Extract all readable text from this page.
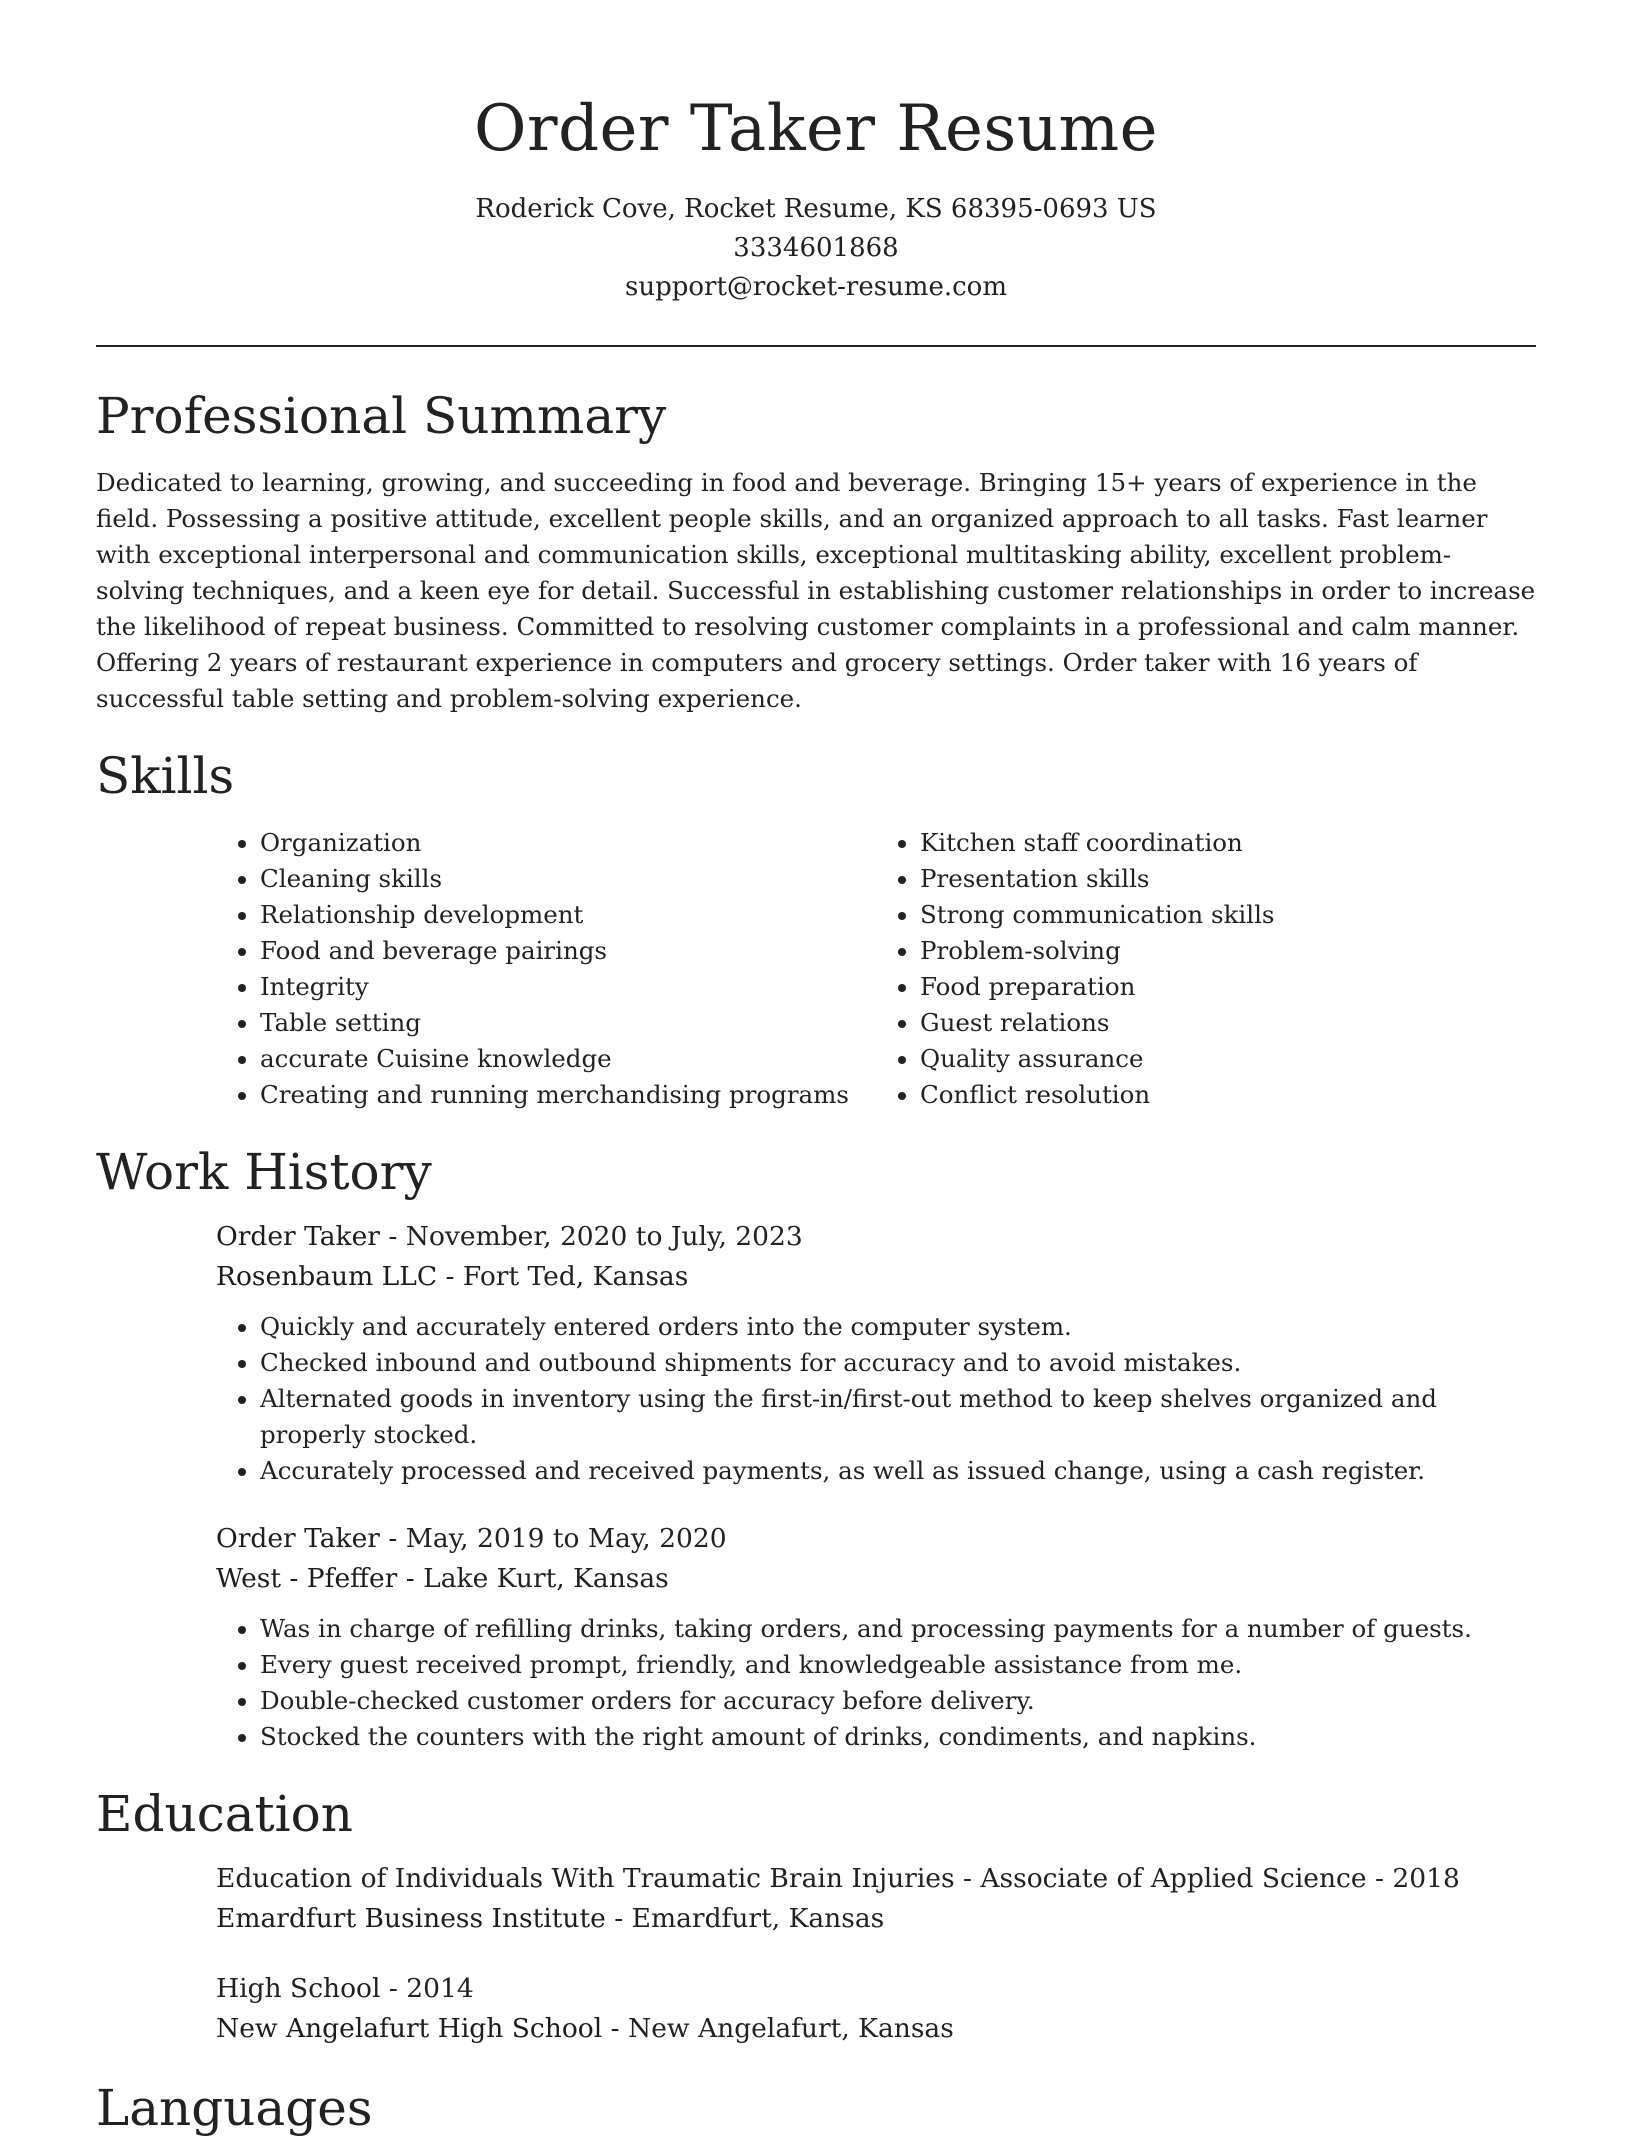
Order Taker Resume
Roderick Cove, Rocket Resume, KS 68395-0693 US
3334601868
support@rocket-resume.com
Professional Summary

Dedicated to learning, growing, and succeeding in food and beverage. Bringing 15+ years of experience in the field. Possessing a positive attitude, excellent people skills, and an organized approach to all tasks. Fast learner with exceptional interpersonal and communication skills, exceptional multitasking ability, excellent problem-solving techniques, and a keen eye for detail. Successful in establishing customer relationships in order to increase the likelihood of repeat business. Committed to resolving customer complaints in a professional and calm manner. Offering 2 years of restaurant experience in computers and grocery settings. Order taker with 16 years of successful table setting and problem-solving experience.

Skills
• Organization
• Cleaning skills
• Relationship development
• Food and beverage pairings
• Integrity
• Table setting
• accurate Cuisine knowledge
• Creating and running merchandising programs
• Kitchen staff coordination
• Presentation skills
• Strong communication skills
• Problem-solving
• Food preparation
• Guest relations
• Quality assurance
• Conflict resolution
Work History
Order Taker - November, 2020 to July, 2023
Rosenbaum LLC - Fort Ted, Kansas
• Quickly and accurately entered orders into the computer system.
• Checked inbound and outbound shipments for accuracy and to avoid mistakes.
• Alternated goods in inventory using the first-in/first-out method to keep shelves organized and properly stocked.
• Accurately processed and received payments, as well as issued change, using a cash register.
Order Taker - May, 2019 to May, 2020
West - Pfeffer - Lake Kurt, Kansas
• Was in charge of refilling drinks, taking orders, and processing payments for a number of guests.
• Every guest received prompt, friendly, and knowledgeable assistance from me.
• Double-checked customer orders for accuracy before delivery.
• Stocked the counters with the right amount of drinks, condiments, and napkins.
Education
Education of Individuals With Traumatic Brain Injuries - Associate of Applied Science - 2018
Emardfurt Business Institute - Emardfurt, Kansas
High School - 2014
New Angelafurt High School - New Angelafurt, Kansas
Languages
